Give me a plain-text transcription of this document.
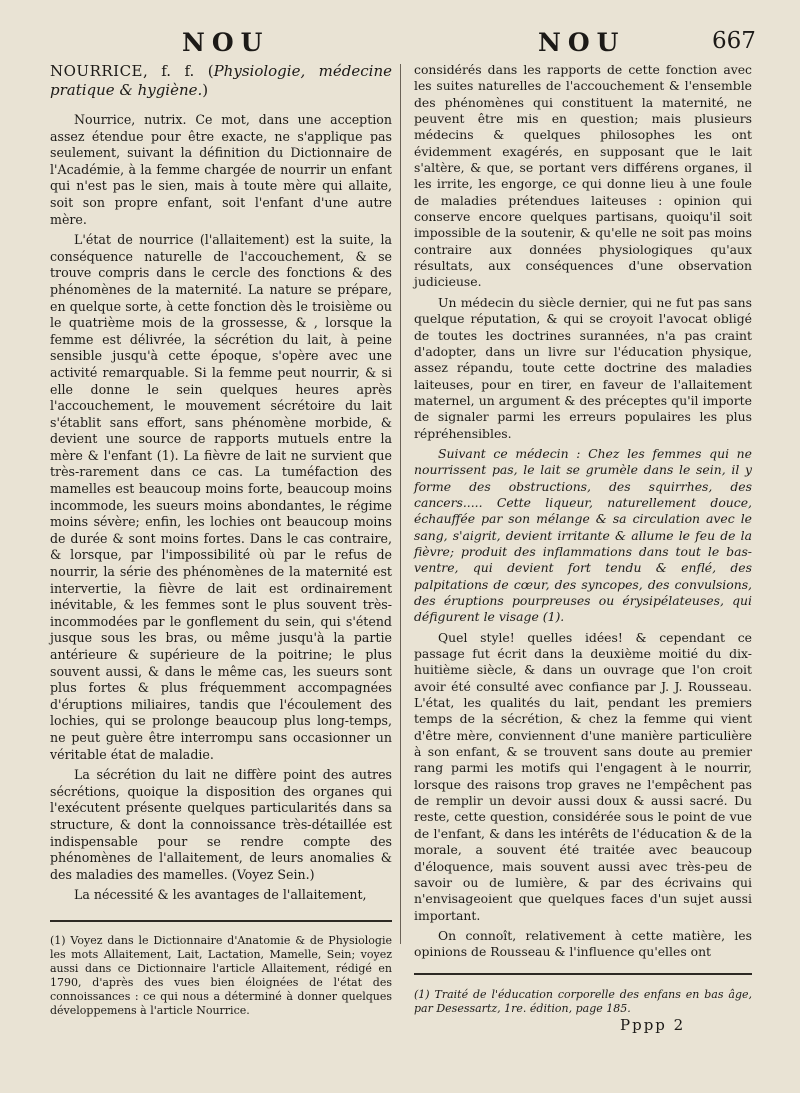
NOU	NOU	667

NOURRICE, f. f. (Physiologie, médecine pratique & hygiène.)

Nourrice, nutrix. Ce mot, dans une acception assez étendue pour être exacte, ne s'applique pas seulement, suivant la définition du Dictionnaire de l'Académie, à la femme chargée de nourrir un enfant qui n'est pas le sien, mais à toute mère qui allaite, soit son propre enfant, soit l'enfant d'une autre mère.

L'état de nourrice (l'allaitement) est la suite, la conséquence naturelle de l'accouchement, & se trouve compris dans le cercle des fonctions & des phénomènes de la maternité. La nature se prépare, en quelque sorte, à cette fonction dès le troisième ou le quatrième mois de la grossesse, & , lorsque la femme est délivrée, la sécrétion du lait, à peine sensible jusqu'à cette époque, s'opère avec une activité remarquable. Si la femme peut nourrir, & si elle donne le sein quelques heures après l'accouchement, le mouvement sécrétoire du lait s'établit sans effort, sans phénomène morbide, & devient une source de rapports mutuels entre la mère & l'enfant (1). La fièvre de lait ne survient que très-rarement dans ce cas. La tuméfaction des mamelles est beaucoup moins forte, beaucoup moins incommode, les sueurs moins abondantes, le régime moins sévère; enfin, les lochies ont beaucoup moins de durée & sont moins fortes. Dans le cas contraire, & lorsque, par l'impossibilité où par le refus de nourrir, la série des phénomènes de la maternité est intervertie, la fièvre de lait est ordinairement inévitable, & les femmes sont le plus souvent très-incommodées par le gonflement du sein, qui s'étend jusque sous les bras, ou même jusqu'à la partie antérieure & supérieure de la poitrine; le plus souvent aussi, & dans le même cas, les sueurs sont plus fortes & plus fréquemment accompagnées d'éruptions miliaires, tandis que l'écoulement des lochies, qui se prolonge beaucoup plus long-temps, ne peut guère être interrompu sans occasionner un véritable état de maladie.

La sécrétion du lait ne diffère point des autres sécrétions, quoique la disposition des organes qui l'exécutent présente quelques particularités dans sa structure, & dont la connoissance très-détaillée est indispensable pour se rendre compte des phénomènes de l'allaitement, de leurs anomalies & des maladies des mamelles. (Voyez Sein.)

La nécessité & les avantages de l'allaitement,

considérés dans les rapports de cette fonction avec les suites naturelles de l'accouchement & l'ensemble des phénomènes qui constituent la maternité, ne peuvent être mis en question; mais plusieurs médecins & quelques philosophes les ont évidemment exagérés, en supposant que le lait s'altère, & que, se portant vers différens organes, il les irrite, les engorge, ce qui donne lieu à une foule de maladies prétendues laiteuses : opinion qui conserve encore quelques partisans, quoiqu'il soit impossible de la soutenir, & qu'elle ne soit pas moins contraire aux données physiologiques qu'aux résultats, aux conséquences d'une observation judicieuse.

Un médecin du siècle dernier, qui ne fut pas sans quelque réputation, & qui se croyoit l'avocat obligé de toutes les doctrines surannées, n'a pas craint d'adopter, dans un livre sur l'éducation physique, assez répandu, toute cette doctrine des maladies laiteuses, pour en tirer, en faveur de l'allaitement maternel, un argument & des préceptes qu'il importe de signaler parmi les erreurs populaires les plus répréhensibles.

Suivant ce médecin : Chez les femmes qui ne nourrissent pas, le lait se grumèle dans le sein, il y forme des obstructions, des squirrhes, des cancers..... Cette liqueur, naturellement douce, échauffée par son mélange & sa circulation avec le sang, s'aigrit, devient irritante & allume le feu de la fièvre; produit des inflammations dans tout le bas-ventre, qui devient fort tendu & enflé, des palpitations de cœur, des syncopes, des convulsions, des éruptions pourpreuses ou érysipélateuses, qui défigurent le visage (1).

Quel style! quelles idées! & cependant ce passage fut écrit dans la deuxième moitié du dix-huitième siècle, & dans un ouvrage que l'on croit avoir été consulté avec confiance par J. J. Rousseau. L'état, les qualités du lait, pendant les premiers temps de la sécrétion, & chez la femme qui vient d'être mère, conviennent d'une manière particulière à son enfant, & se trouvent sans doute au premier rang parmi les motifs qui l'engagent à le nourrir, lorsque des raisons trop graves ne l'empêchent pas de remplir un devoir aussi doux & aussi sacré. Du reste, cette question, considérée sous le point de vue de l'enfant, & dans les intérêts de l'éducation & de la morale, a souvent été traitée avec beaucoup d'éloquence, mais souvent aussi avec très-peu de savoir ou de lumière, & par des écrivains qui n'envisageoient que quelques faces d'un sujet aussi important.

On connoît, relativement à cette matière, les opinions de Rousseau & l'influence qu'elles ont

(1) Voyez dans le Dictionnaire d'Anatomie & de Physiologie les mots Allaitement, Lait, Lactation, Mamelle, Sein; voyez aussi dans ce Dictionnaire l'article Allaitement, rédigé en 1790, d'après des vues bien éloignées de l'état des connoissances : ce qui nous a déterminé à donner quelques développemens à l'article Nourrice.
(1) Traité de l'éducation corporelle des enfans en bas âge, par Desessartz, 1re. édition, page 185.
Pppp 2
